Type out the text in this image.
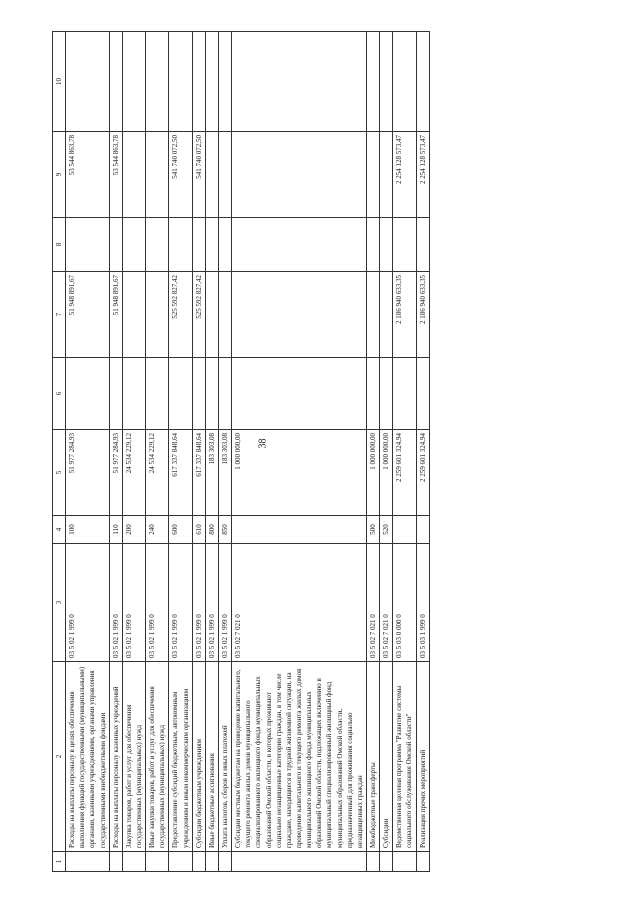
38
1	2	3	4	5	6	7	8	9	10
	Расходы на выплаты персоналу в целях обеспечения выполнения функций государственными (муниципальными) органами, казенными учреждениями, органами управления государственными внебюджетными фондами	03 5 02 1 999 0	100	51 977 284,93		51 948 891,67		53 544 863,78	
	Расходы на выплаты персоналу казенных учреждений	03 5 02 1 999 0	110	51 977 284,93		51 948 891,67		53 544 863,78	
	Закупка товаров, работ и услуг для обеспечения государственных (муниципальных) нужд	03 5 02 1 999 0	200	24 534 229,12					
	Иные закупки товаров, работ и услуг для обеспечения государственных (муниципальных) нужд	03 5 02 1 999 0	240	24 534 229,12					
	Предоставление субсидий бюджетным, автономным учреждениям и иным некоммерческим организациям	03 5 02 1 999 0	600	617 337 848,64		525 592 827,42		541 740 072,50	
	Субсидии бюджетным учреждениям	03 5 02 1 999 0	610	617 337 848,64		525 592 827,42		541 740 072,50	
	Иные бюджетные ассигнования	03 5 02 1 999 0	800	183 303,08					
	Уплата налогов, сборов и иных платежей	03 5 02 1 999 0	850	183 303,08					
	Субсидии местным бюджетам на проведение капитального, текущего ремонта жилых домов муниципального специализированного жилищного фонда муниципальных образований Омской области, в которых проживают социально незащищенные категории граждан, в том числе граждане, находящиеся в трудной жизненной ситуации, на проведение капитального и текущего ремонта жилых домов муниципального жилищного фонда муниципальных образований Омской области, подлежащих включению в муниципальный специализированный жилищный фонд муниципальных образований Омской области, предназначенный для проживания социально незащищенных граждан	03 5 02 7 021 0		1 000 000,00					
	Межбюджетные трансферты	03 5 02 7 021 0	500	1 000 000,00					
	Субсидии	03 5 02 7 021 0	520	1 000 000,00					
	Ведомственная целевая программа "Развитие системы социального обслуживания Омской области"	03 5 03 0 000 0		2 259 601 324,94		2 186 940 633,35		2 254 128 573,47	
	Реализация прочих мероприятий	03 5 03 1 999 0		2 259 601 324,94		2 186 940 633,35		2 254 128 573,47	
